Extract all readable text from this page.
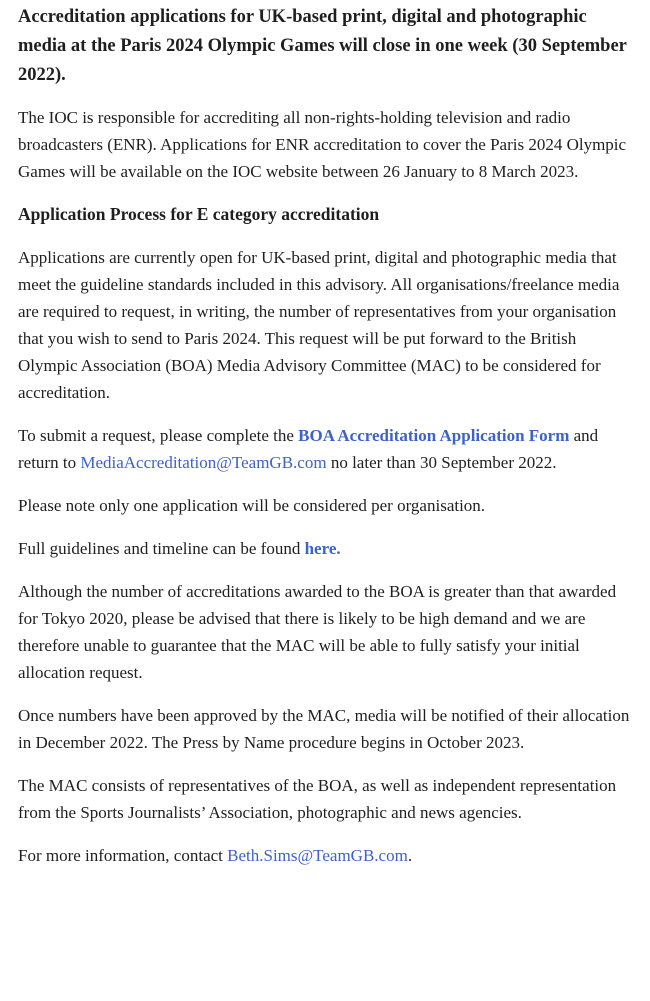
Accreditation applications for UK-based print, digital and photographic media at the Paris 2024 Olympic Games will close in one week (30 September 2022).

The IOC is responsible for accrediting all non-rights-holding television and radio broadcasters (ENR). Applications for ENR accreditation to cover the Paris 2024 Olympic Games will be available on the IOC website between 26 January to 8 March 2023.

Application Process for E category accreditation

Applications are currently open for UK-based print, digital and photographic media that meet the guideline standards included in this advisory. All organisations/freelance media are required to request, in writing, the number of representatives from your organisation that you wish to send to Paris 2024. This request will be put forward to the British Olympic Association (BOA) Media Advisory Committee (MAC) to be considered for accreditation.

To submit a request, please complete the BOA Accreditation Application Form and return to MediaAccreditation@TeamGB.com no later than 30 September 2022.

Please note only one application will be considered per organisation.

Full guidelines and timeline can be found here.

Although the number of accreditations awarded to the BOA is greater than that awarded for Tokyo 2020, please be advised that there is likely to be high demand and we are therefore unable to guarantee that the MAC will be able to fully satisfy your initial allocation request.

Once numbers have been approved by the MAC, media will be notified of their allocation in December 2022. The Press by Name procedure begins in October 2023.

The MAC consists of representatives of the BOA, as well as independent representation from the Sports Journalists’ Association, photographic and news agencies.

For more information, contact Beth.Sims@TeamGB.com.
